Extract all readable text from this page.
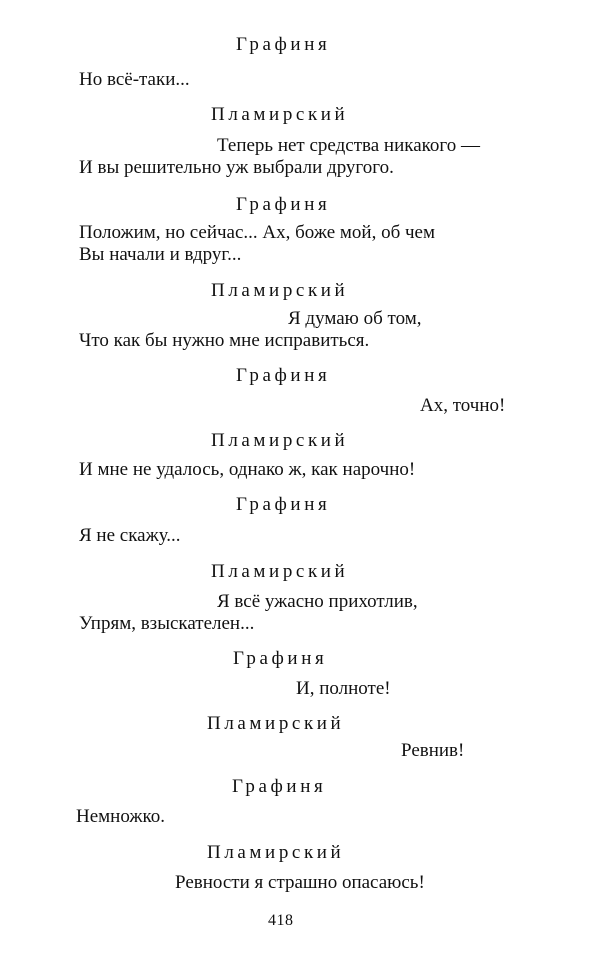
Графиня
Но всё-таки...
Пламирский
Теперь нет средства никакого —
И вы решительно уж выбрали другого.
Графиня
Положим, но сейчас... Ах, боже мой, об чем
Вы начали и вдруг...
Пламирский
Я думаю об том,
Что как бы нужно мне исправиться.
Графиня
Ах, точно!
Пламирский
И мне не удалось, однако ж, как нарочно!
Графиня
Я не скажу...
Пламирский
Я всё ужасно прихотлив,
Упрям, взыскателен...
Графиня
И, полноте!
Пламирский
Ревнив!
Графиня
Немножко.
Пламирский
Ревности я страшно опасаюсь!
418
